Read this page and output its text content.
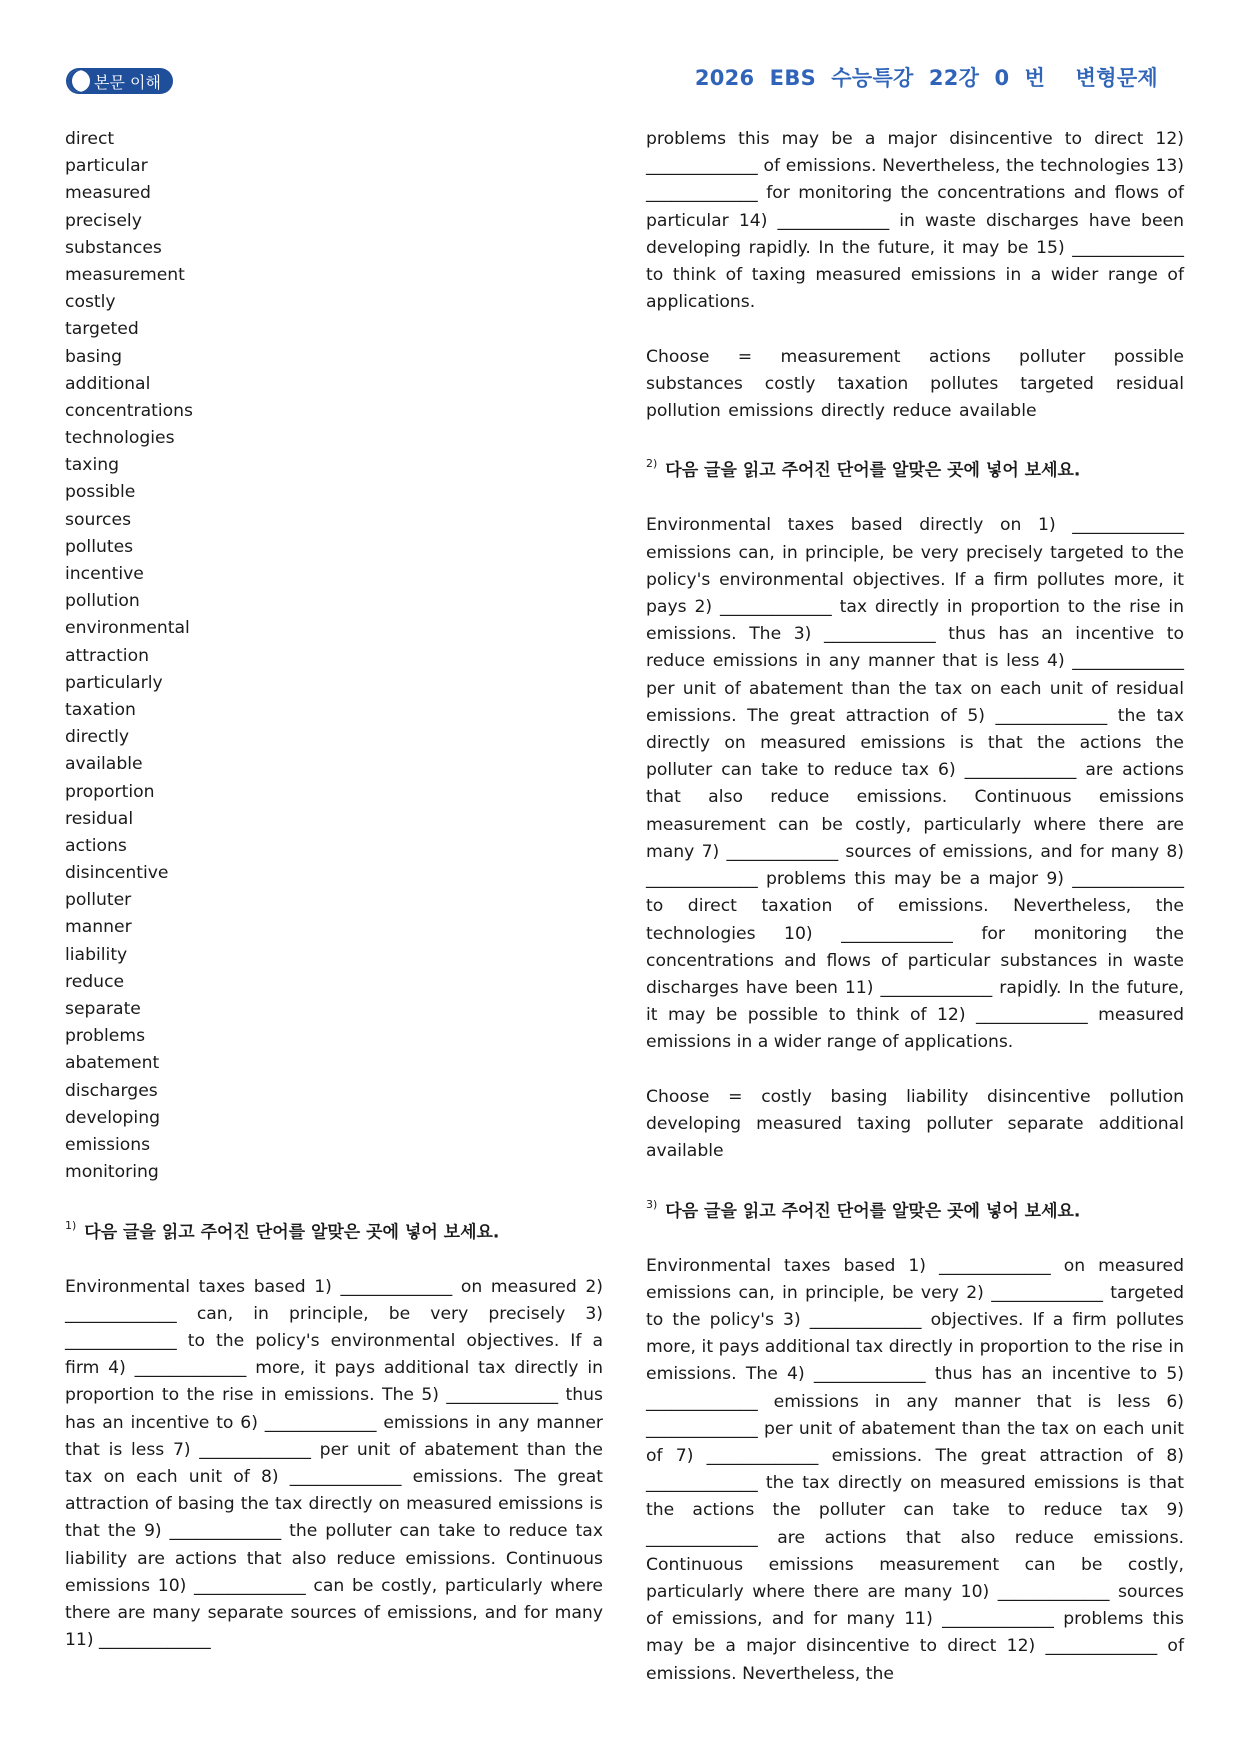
본문 이해	2026  EBS  수능특강  22강  0  번    변형문제
direct
particular
measured
precisely
substances
measurement
costly
targeted
basing
additional
concentrations
technologies
taxing
possible
sources
pollutes
incentive
pollution
environmental
attraction
particularly
taxation
directly
available
proportion
residual
actions
disincentive
polluter
manner
liability
reduce
separate
problems
abatement
discharges
developing
emissions
monitoring

$^{1)}$ 다음 글을 읽고 주어진 단어를 알맞은 곳에 넣어 보세요.

Environmental taxes based 1) _____________ on measured 2) _____________ can, in principle, be very precisely 3) _____________ to the policy's environmental objectives. If a firm 4) _____________ more, it pays additional tax directly in proportion to the rise in emissions. The 5) _____________ thus has an incentive to 6) _____________ emissions in any manner that is less 7) _____________ per unit of abatement than the tax on each unit of 8) _____________ emissions. The great attraction of basing the tax directly on measured emissions is that the 9) _____________ the polluter can take to reduce tax liability are actions that also reduce emissions. Continuous emissions 10) _____________ can be costly, particularly where there are many separate sources of emissions, and for many 11) _____________

problems this may be a major disincentive to direct 12) _____________ of emissions. Nevertheless, the technologies 13) _____________ for monitoring the concentrations and flows of particular 14) _____________ in waste discharges have been developing rapidly. In the future, it may be 15) _____________ to think of taxing measured emissions in a wider range of applications.

Choose = measurement actions polluter possible

substances costly taxation pollutes targeted residual

pollution emissions directly reduce available

$^{2)}$ 다음 글을 읽고 주어진 단어를 알맞은 곳에 넣어 보세요.

Environmental taxes based directly on 1) _____________ emissions can, in principle, be very precisely targeted to the policy's environmental objectives. If a firm pollutes more, it pays 2) _____________ tax directly in proportion to the rise in emissions. The 3) _____________ thus has an incentive to reduce emissions in any manner that is less 4) _____________ per unit of abatement than the tax on each unit of residual emissions. The great attraction of 5) _____________ the tax directly on measured emissions is that the actions the polluter can take to reduce tax 6) _____________ are actions that also reduce emissions. Continuous emissions measurement can be costly, particularly where there are many 7) _____________ sources of emissions, and for many 8) _____________ problems this may be a major 9) _____________ to direct taxation of emissions. Nevertheless, the technologies 10) _____________ for monitoring the concentrations and flows of particular substances in waste discharges have been 11) _____________ rapidly. In the future, it may be possible to think of 12) _____________ measured emissions in a wider range of applications.

Choose = costly basing liability disincentive pollution

developing measured taxing polluter separate additional

available

$^{3)}$ 다음 글을 읽고 주어진 단어를 알맞은 곳에 넣어 보세요.

Environmental taxes based 1) _____________ on measured emissions can, in principle, be very 2) _____________ targeted to the policy's 3) _____________ objectives. If a firm pollutes more, it pays additional tax directly in proportion to the rise in emissions. The 4) _____________ thus has an incentive to 5) _____________ emissions in any manner that is less 6) _____________ per unit of abatement than the tax on each unit of 7) _____________ emissions. The great attraction of 8) _____________ the tax directly on measured emissions is that the actions the polluter can take to reduce tax 9) _____________ are actions that also reduce emissions. Continuous emissions measurement can be costly, particularly where there are many 10) _____________ sources of emissions, and for many 11) _____________ problems this may be a major disincentive to direct 12) _____________ of emissions. Nevertheless, the
